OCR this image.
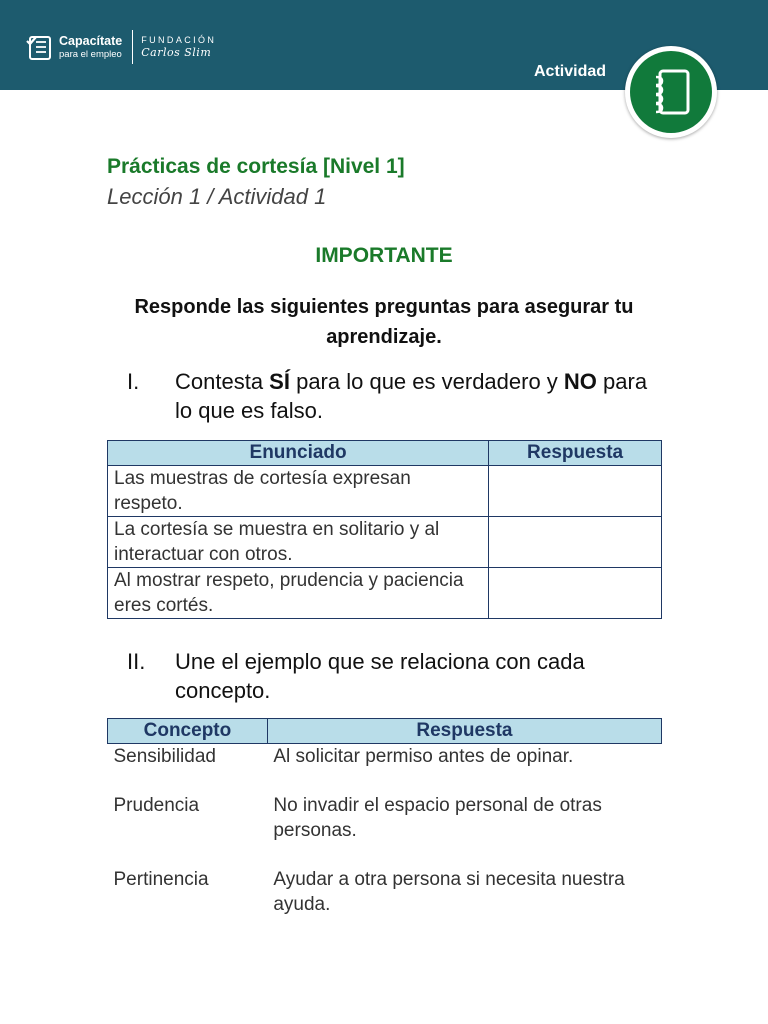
Capacítate
para el empleo
FUNDACIÓN
Carlos Slim
Actividad
Prácticas de cortesía [Nivel 1]
Lección 1 / Actividad 1
IMPORTANTE
Responde las siguientes preguntas para asegurar tu aprendizaje.
I. Contesta SÍ para lo que es verdadero y NO para lo que es falso.
Enunciado	Respuesta
Las muestras de cortesía expresan respeto.	
La cortesía se muestra en solitario y al interactuar con otros.	
Al mostrar respeto, prudencia y paciencia eres cortés.	
II. Une el ejemplo que se relaciona con cada concepto.
Concepto	Respuesta
Sensibilidad	Al solicitar permiso antes de opinar.
Prudencia	No invadir el espacio personal de otras personas.
Pertinencia	Ayudar a otra persona si necesita nuestra ayuda.
